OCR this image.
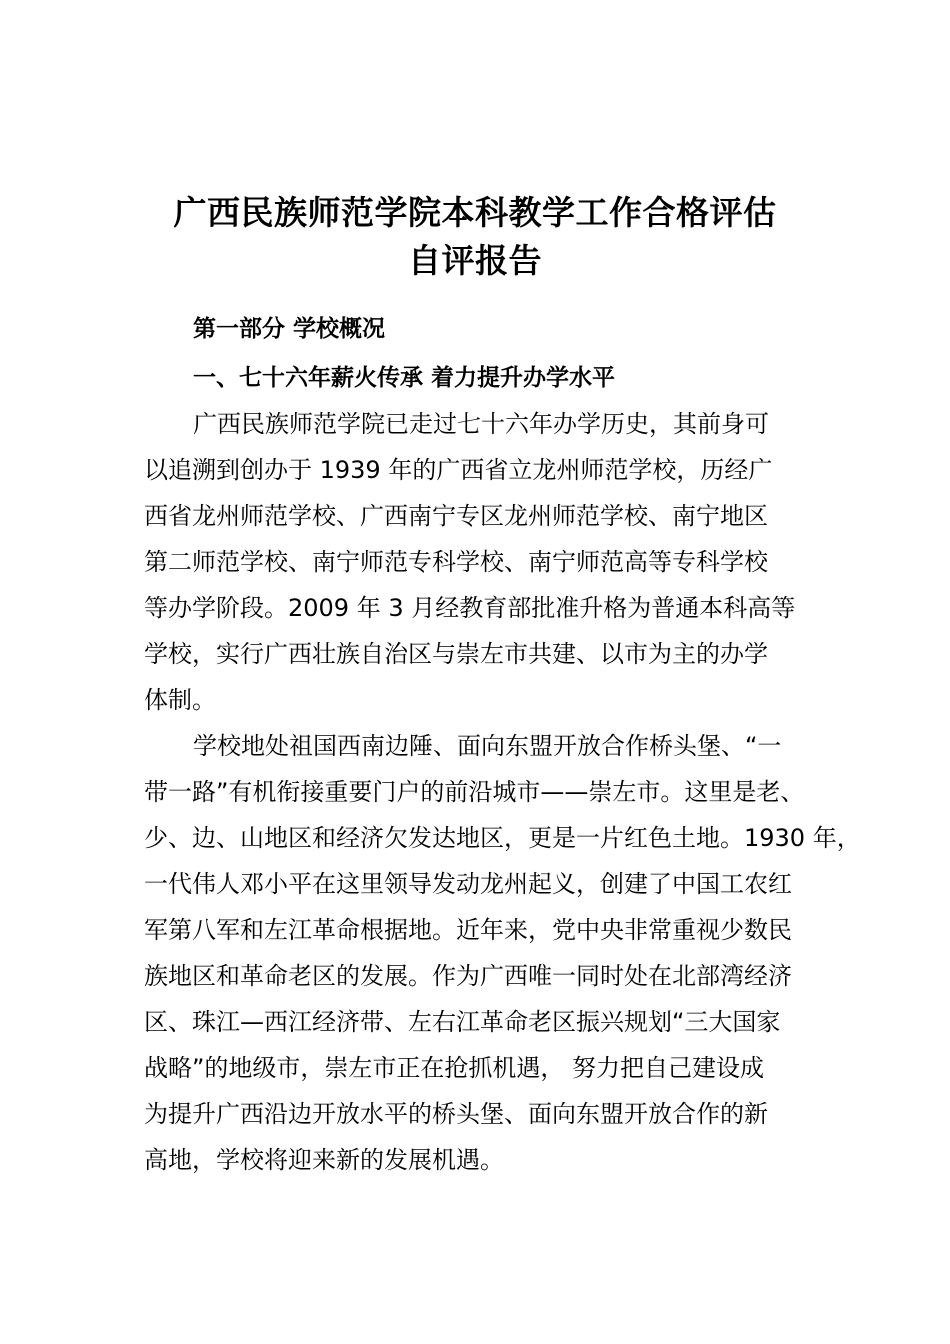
广西民族师范学院本科教学工作合格评估
自评报告
第一部分 学校概况
一、七十六年薪火传承 着力提升办学水平
广西民族师范学院已走过七十六年办学历史，其前身可
以追溯到创办于 1939 年的广西省立龙州师范学校，历经广
西省龙州师范学校、广西南宁专区龙州师范学校、南宁地区
第二师范学校、南宁师范专科学校、南宁师范高等专科学校
等办学阶段。2009 年 3 月经教育部批准升格为普通本科高等
学校，实行广西壮族自治区与崇左市共建、以市为主的办学
体制。
学校地处祖国西南边陲、面向东盟开放合作桥头堡、“一
带一路”有机衔接重要门户的前沿城市——崇左市。这里是老、
少、边、山地区和经济欠发达地区，更是一片红色土地。1930 年，
一代伟人邓小平在这里领导发动龙州起义，创建了中国工农红
军第八军和左江革命根据地。近年来，党中央非常重视少数民
族地区和革命老区的发展。作为广西唯一同时处在北部湾经济
区、珠江—西江经济带、左右江革命老区振兴规划“三大国家
战略”的地级市，崇左市正在抢抓机遇， 努力把自己建设成
为提升广西沿边开放水平的桥头堡、面向东盟开放合作的新
高地，学校将迎来新的发展机遇。
